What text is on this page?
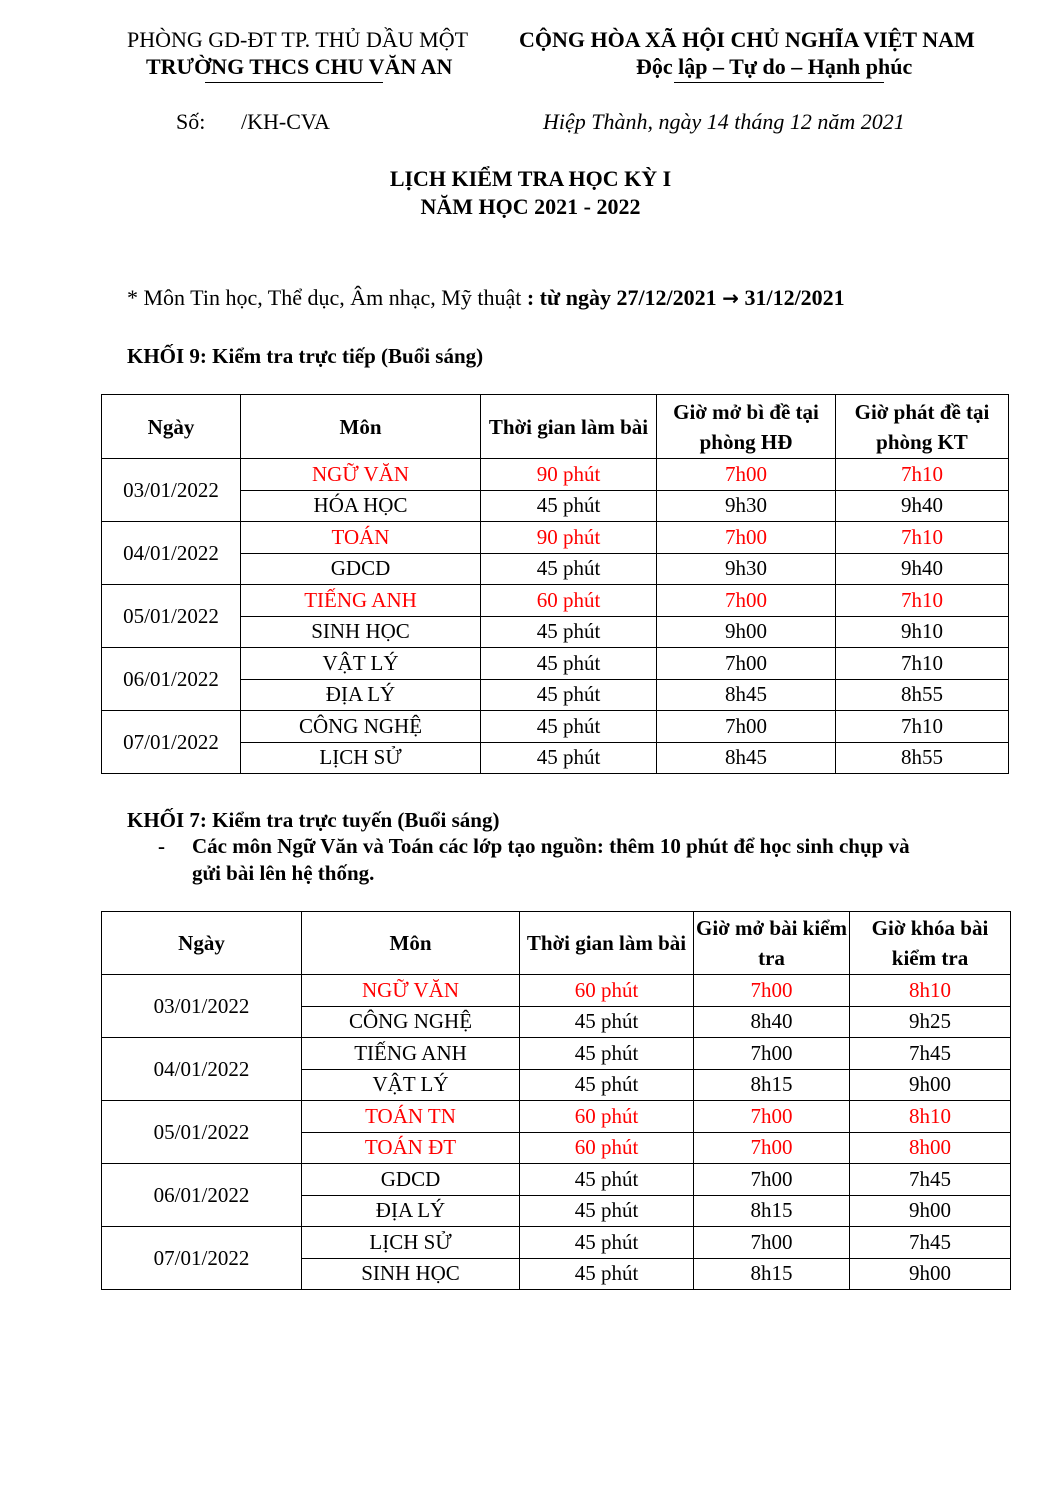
PHÒNG GD-ĐT TP. THỦ DẦU MỘT
TRƯỜNG THCS CHU VĂN AN
CỘNG HÒA XÃ HỘI CHỦ NGHĨA VIỆT NAM
Độc lập – Tự do – Hạnh phúc
Số: /KH-CVA	Hiệp Thành, ngày 14 tháng 12 năm 2021
LỊCH KIỂM TRA HỌC KỲ I
NĂM HỌC 2021 - 2022
* Môn Tin học, Thể dục, Âm nhạc, Mỹ thuật : từ ngày 27/12/2021 → 31/12/2021
KHỐI 9: Kiểm tra trực tiếp (Buổi sáng)
Ngày	Môn	Thời gian làm bài	Giờ mở bì đề tại phòng HĐ	Giờ phát đề tại phòng KT
03/01/2022	NGỮ VĂN	90 phút	7h00	7h10
	HÓA HỌC	45 phút	9h30	9h40
04/01/2022	TOÁN	90 phút	7h00	7h10
	GDCD	45 phút	9h30	9h40
05/01/2022	TIẾNG ANH	60 phút	7h00	7h10
	SINH HỌC	45 phút	9h00	9h10
06/01/2022	VẬT LÝ	45 phút	7h00	7h10
	ĐỊA LÝ	45 phút	8h45	8h55
07/01/2022	CÔNG NGHỆ	45 phút	7h00	7h10
	LỊCH SỬ	45 phút	8h45	8h55
KHỐI 7: Kiểm tra trực tuyến (Buổi sáng)
- Các môn Ngữ Văn và Toán các lớp tạo nguồn: thêm 10 phút để học sinh chụp và
gửi bài lên hệ thống.
Ngày	Môn	Thời gian làm bài	Giờ mở bài kiểm tra	Giờ khóa bài kiểm tra
03/01/2022	NGỮ VĂN	60 phút	7h00	8h10
	CÔNG NGHỆ	45 phút	8h40	9h25
04/01/2022	TIẾNG ANH	45 phút	7h00	7h45
	VẬT LÝ	45 phút	8h15	9h00
05/01/2022	TOÁN TN	60 phút	7h00	8h10
	TOÁN ĐT	60 phút	7h00	8h00
06/01/2022	GDCD	45 phút	7h00	7h45
	ĐỊA LÝ	45 phút	8h15	9h00
07/01/2022	LỊCH SỬ	45 phút	7h00	7h45
	SINH HỌC	45 phút	8h15	9h00
